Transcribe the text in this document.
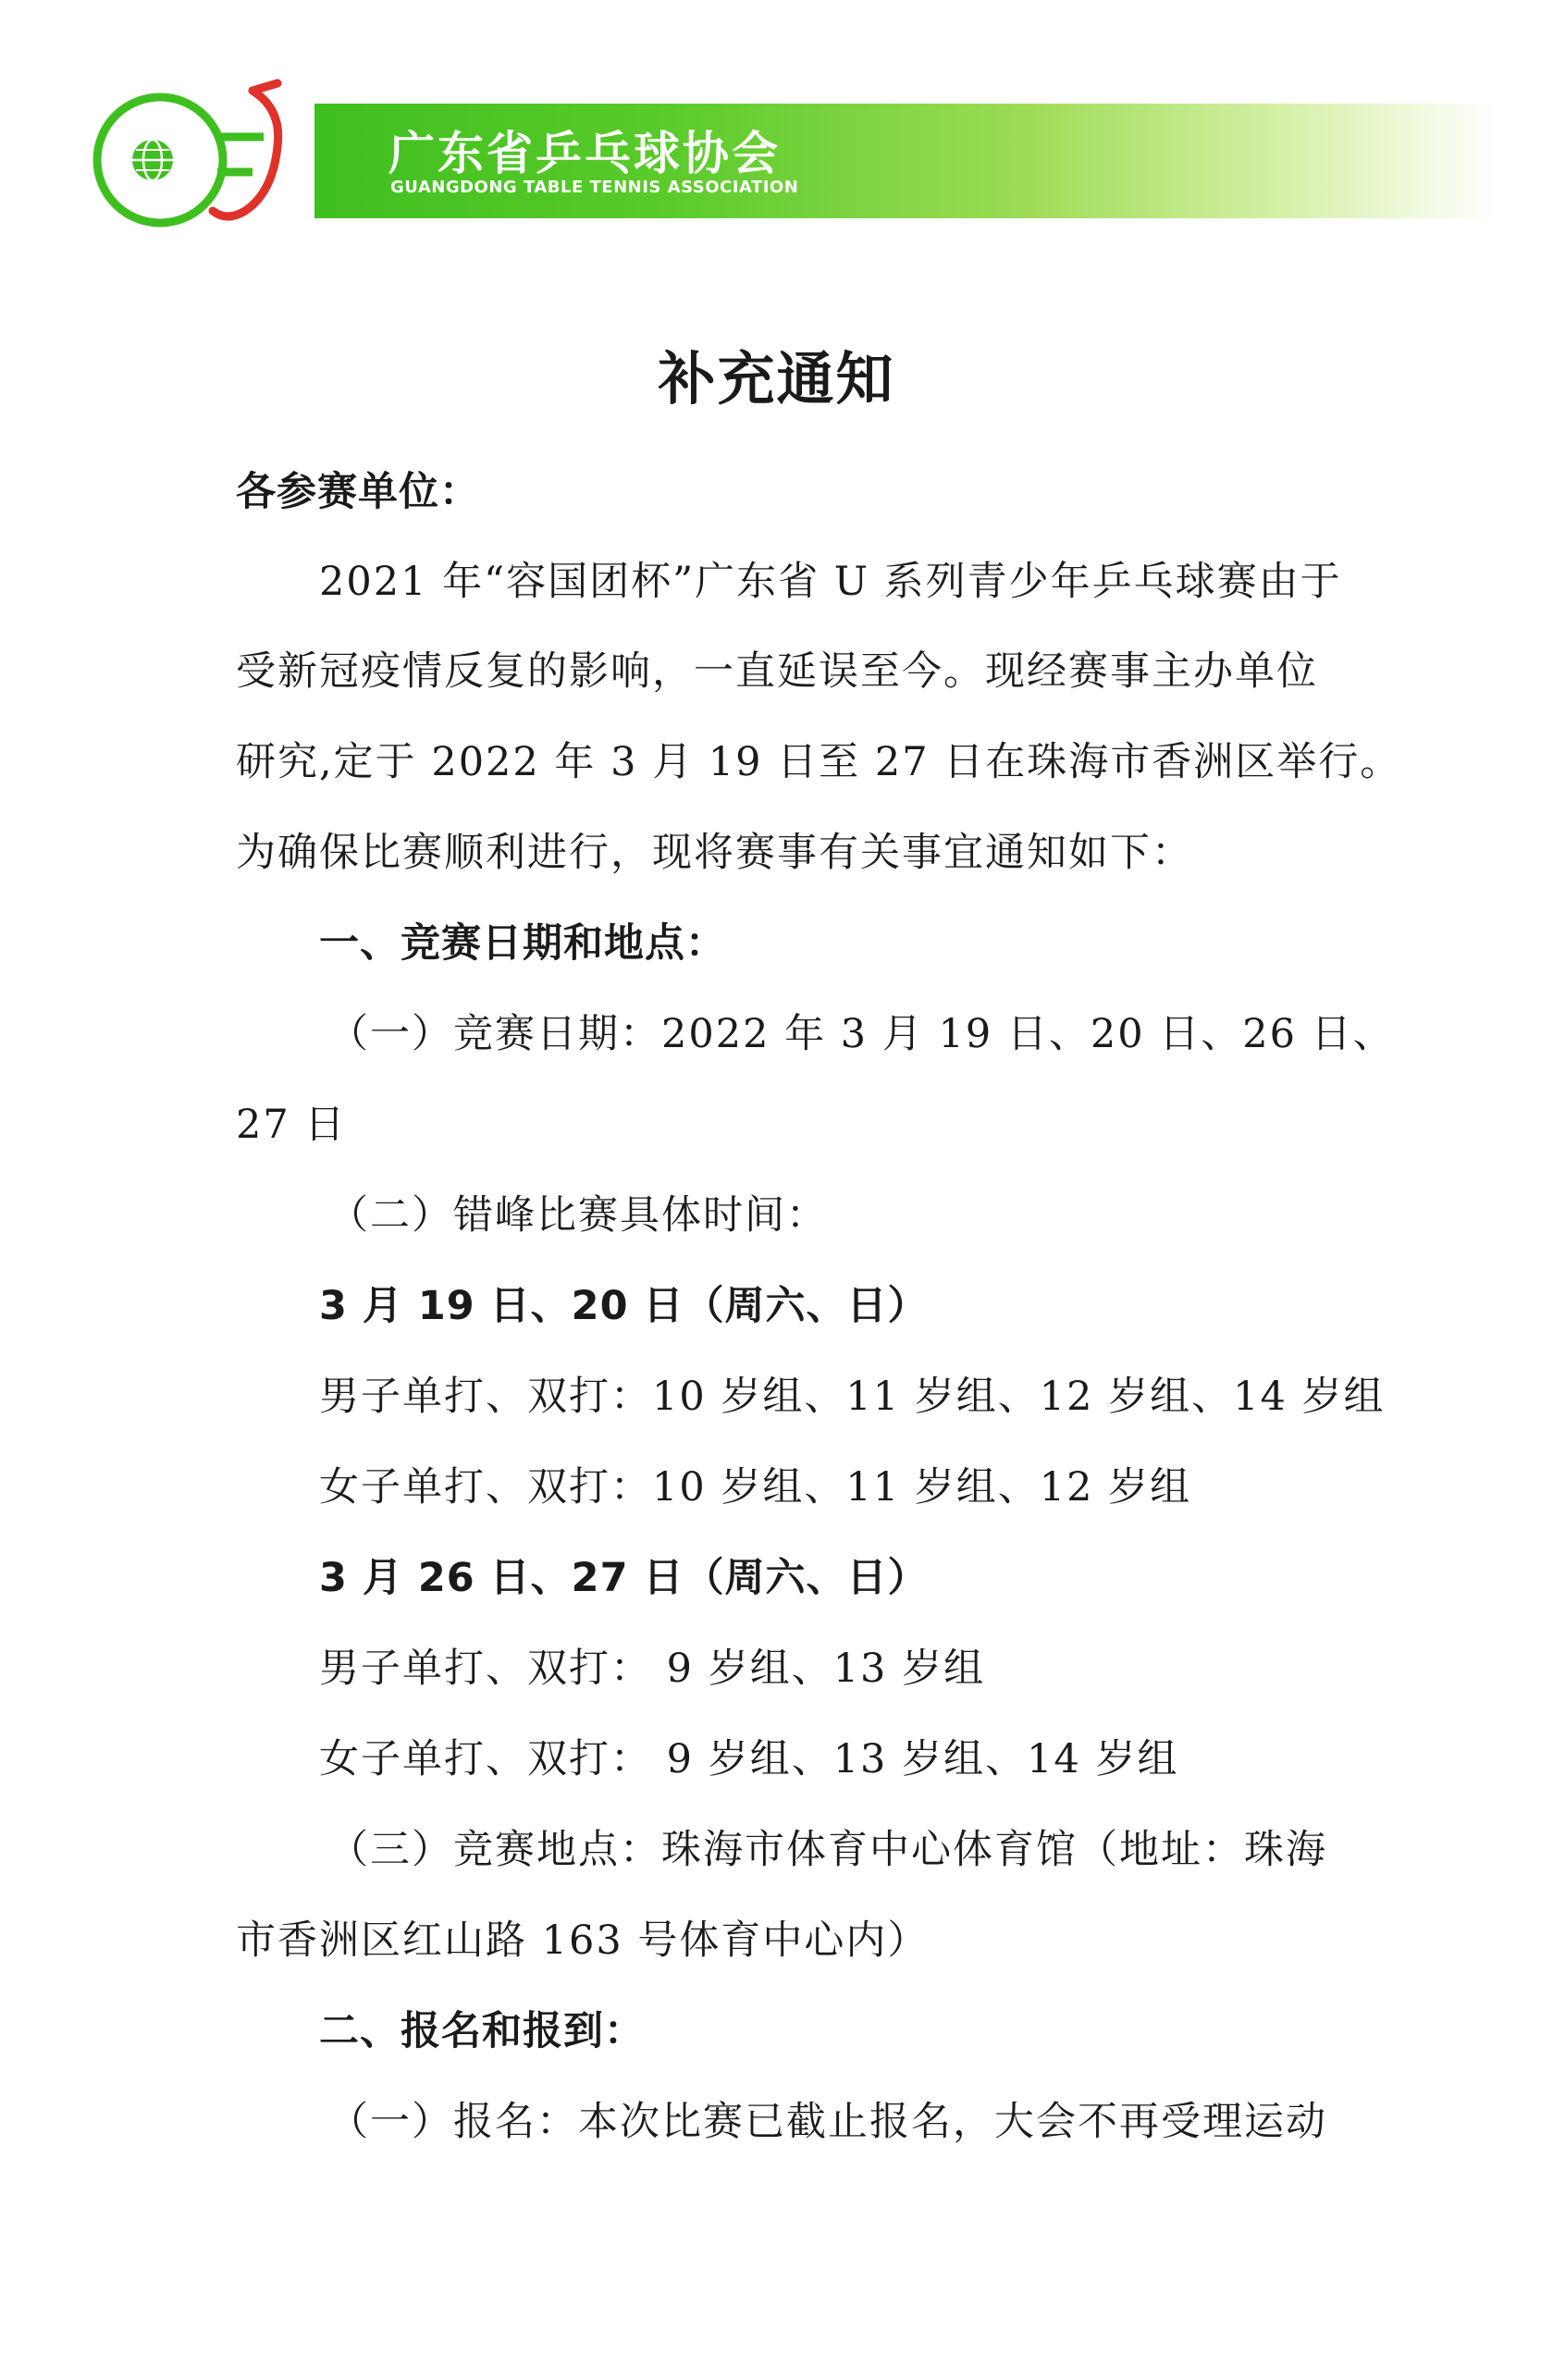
广东省乒乓球协会
GUANGDONG TABLE TENNIS ASSOCIATION
补充通知
各参赛单位：
2021 年“容国团杯”广东省 U 系列青少年乒乓球赛由于
受新冠疫情反复的影响，一直延误至今。现经赛事主办单位
研究,定于 2022 年 3 月 19 日至 27 日在珠海市香洲区举行。
为确保比赛顺利进行，现将赛事有关事宜通知如下：
一、竞赛日期和地点：
（一）竞赛日期：2022 年 3 月 19 日、20 日、26 日、
27 日
（二）错峰比赛具体时间：
3 月 19 日、20 日（周六、日）
男子单打、双打：10 岁组、11 岁组、12 岁组、14 岁组
女子单打、双打：10 岁组、11 岁组、12 岁组
3 月 26 日、27 日（周六、日）
男子单打、双打： 9 岁组、13 岁组
女子单打、双打： 9 岁组、13 岁组、14 岁组
（三）竞赛地点：珠海市体育中心体育馆（地址：珠海
市香洲区红山路 163 号体育中心内）
二、报名和报到：
（一）报名：本次比赛已截止报名，大会不再受理运动
